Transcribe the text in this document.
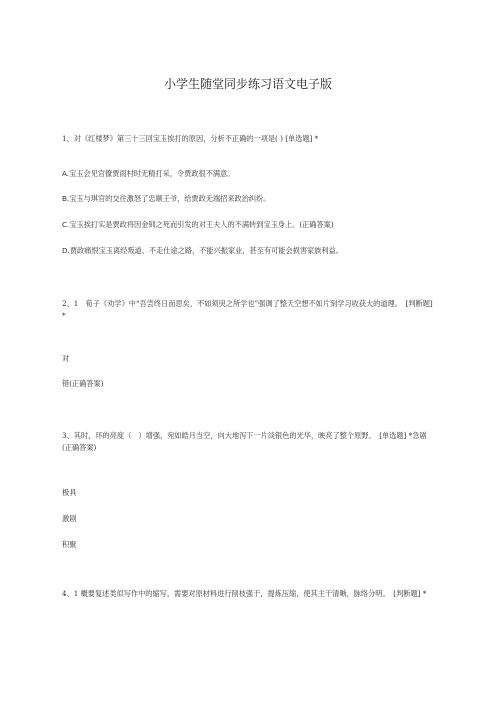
小学生随堂同步练习语文电子版
1、对《红楼梦》第三十三回宝玉挨打的原因，分析不正确的一项是( ) [单选题] *
A.宝玉会见官僚贾雨村时无精打采，令贾政很不满意。
B.宝玉与琪官的交往激怒了忠顺王爷，给贾政无端招来政治纠纷。
C.宝玉挨打实是贾政将因金钏之死而引发的对王夫人的不满转到宝玉身上。(正确答案)
D.贾政痛恨宝玉离经叛道、不走仕途之路，不能兴振家业，甚至有可能会损害家族利益。
2、1　荀子《劝学》中“吾尝终日而思矣，不如须臾之所学也”强调了整天空想不如片刻学习收获大的道理。　[判断题] *
对
错(正确答案)
3、其时，环的亮度（　）增强，宛如皓月当空，向大地泻下一片淡银色的光华，映亮了整个原野。　[单选题] *急剧(正确答案)
极具
激剧
积聚
4、1 概要复述类似写作中的缩写，需要对原材料进行削枝强干，提炼压缩，使其主干清晰，脉络分明。　[判断题] *
